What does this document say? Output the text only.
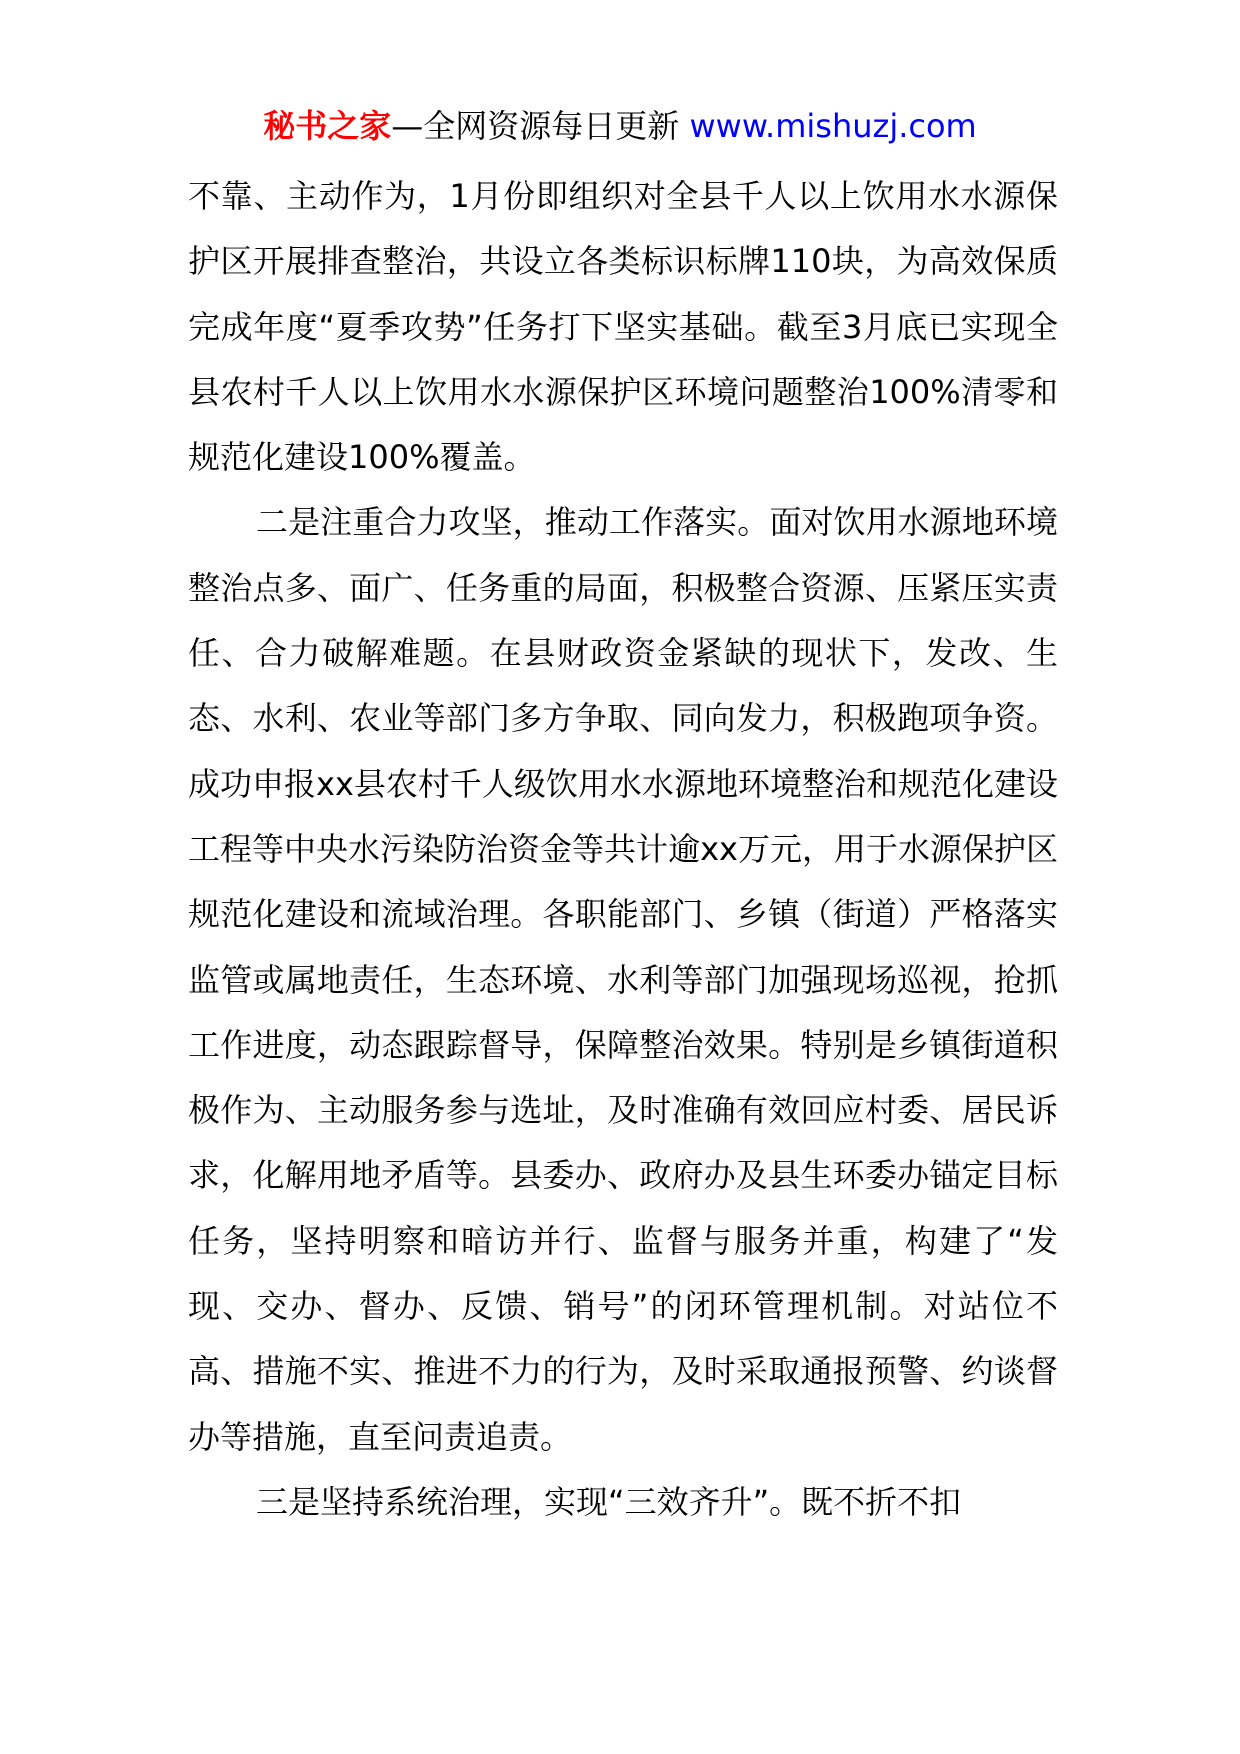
秘书之家—全网资源每日更新 www.mishuzj.com

不靠、主动作为，1月份即组织对全县千人以上饮用水水源保护区开展排查整治，共设立各类标识标牌110块，为高效保质完成年度“夏季攻势”任务打下坚实基础。截至3月底已实现全县农村千人以上饮用水水源保护区环境问题整治100%清零和规范化建设100%覆盖。

二是注重合力攻坚，推动工作落实。面对饮用水源地环境整治点多、面广、任务重的局面，积极整合资源、压紧压实责任、合力破解难题。在县财政资金紧缺的现状下，发改、生态、水利、农业等部门多方争取、同向发力，积极跑项争资。成功申报xx县农村千人级饮用水水源地环境整治和规范化建设工程等中央水污染防治资金等共计逾xx万元，用于水源保护区规范化建设和流域治理。各职能部门、乡镇（街道）严格落实监管或属地责任，生态环境、水利等部门加强现场巡视，抢抓工作进度，动态跟踪督导，保障整治效果。特别是乡镇街道积极作为、主动服务参与选址，及时准确有效回应村委、居民诉求，化解用地矛盾等。县委办、政府办及县生环委办锚定目标任务，坚持明察和暗访并行、监督与服务并重，构建了“发现、交办、督办、反馈、销号”的闭环管理机制。对站位不高、措施不实、推进不力的行为，及时采取通报预警、约谈督办等措施，直至问责追责。

三是坚持系统治理，实现“三效齐升”。既不折不扣
